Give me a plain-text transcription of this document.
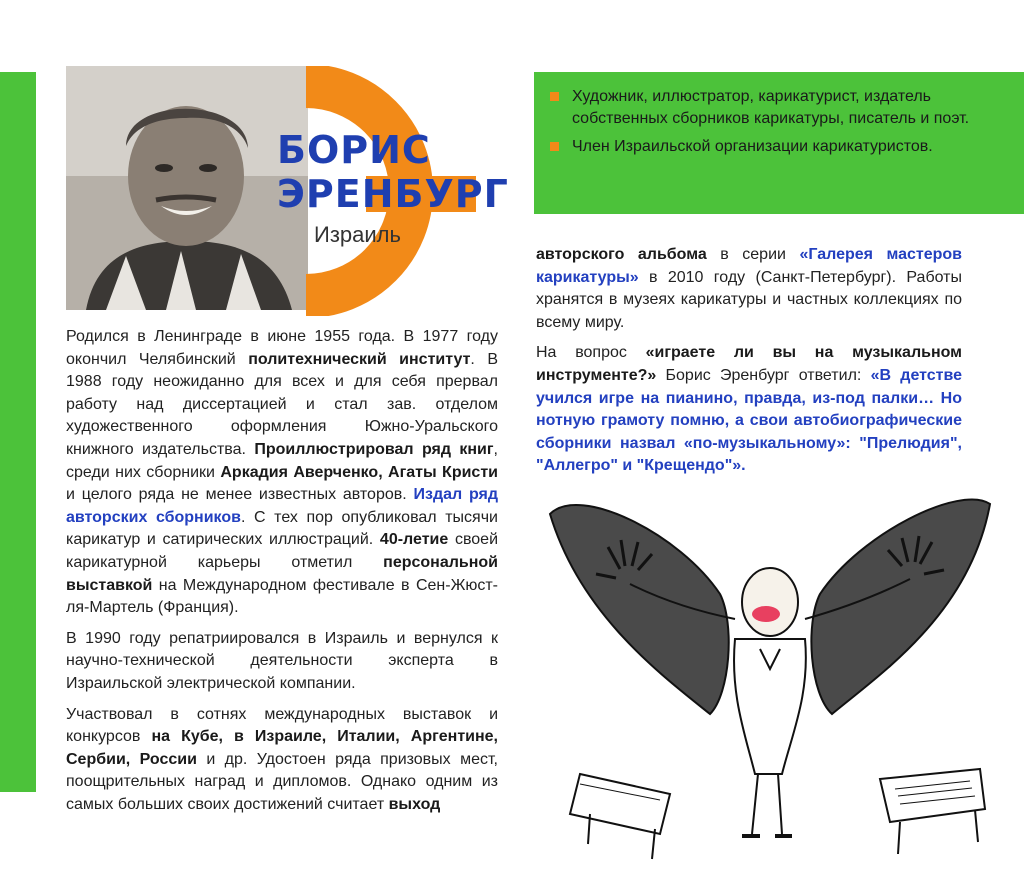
БОРИС
ЭРЕНБУРГ
Израиль
Художник, иллюстратор, карикатурист, издатель собственных сборников карикатуры, писатель и поэт.
Член Израильской организации карикатуристов.

Родился в Ленинграде в июне 1955 года. В 1977 году окончил Челябинский политехнический институт. В 1988 году неожиданно для всех и для себя прервал работу над диссертацией и стал зав. отделом художественного оформления Южно-Уральского книжного издательства. Проиллюстрировал ряд книг, среди них сборники Аркадия Аверченко, Агаты Кристи и целого ряда не менее известных авторов. Издал ряд авторских сборников. С тех пор опубликовал тысячи карикатур и сатирических иллюстраций. 40-летие своей карикатурной карьеры отметил персональной выставкой на Международном фестивале в Сен-Жюст-ля-Мартель (Франция).

В 1990 году репатриировался в Израиль и вернулся к научно-технической деятельности эксперта в Израильской электрической компании.

Участвовал в сотнях международных выставок и конкурсов на Кубе, в Израиле, Италии, Аргентине, Сербии, России и др. Удостоен ряда призовых мест, поощрительных наград и дипломов. Однако одним из самых больших своих достижений считает выход

авторского альбома в серии «Галерея мастеров карикатуры» в 2010 году (Санкт-Петербург). Работы хранятся в музеях карикатуры и частных коллекциях по всему миру.

На вопрос «играете ли вы на музыкальном инструменте?» Борис Эренбург ответил: «В детстве учился игре на пианино, правда, из-под палки… Но нотную грамоту помню, а свои автобиографические сборники назвал «по-музыкальному»: "Прелюдия", "Аллегро" и "Крещендо"».
